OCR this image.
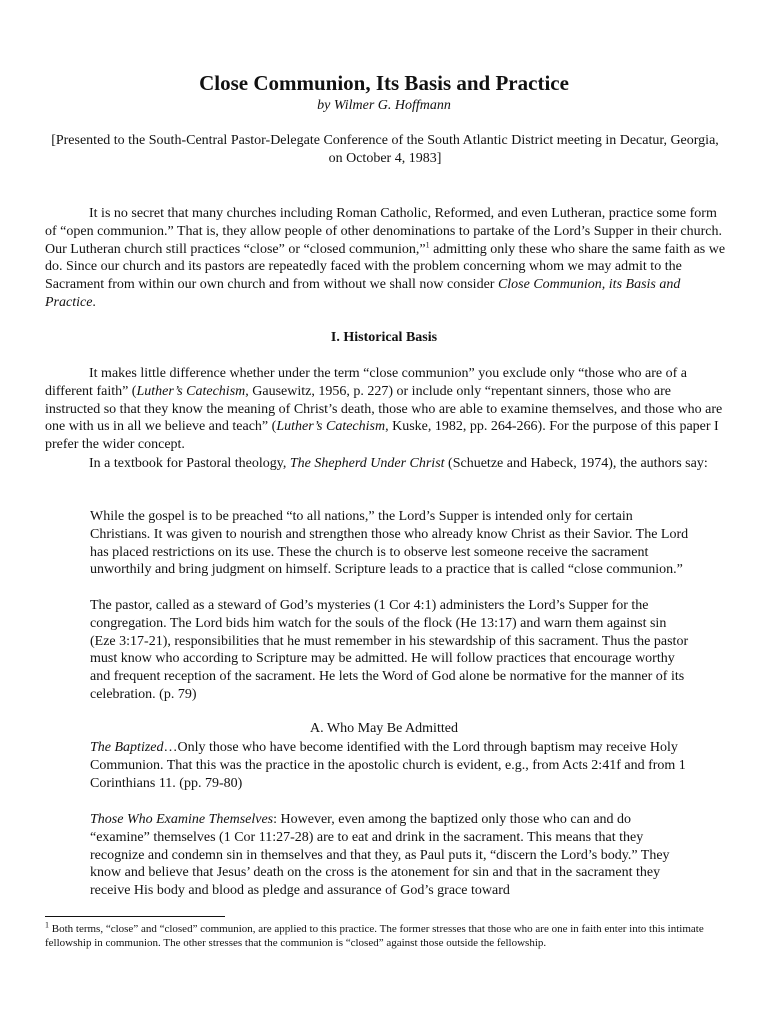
Close Communion, Its Basis and Practice
by Wilmer G. Hoffmann
[Presented to the South-Central Pastor-Delegate Conference of the South Atlantic District meeting in Decatur, Georgia, on October 4, 1983]
It is no secret that many churches including Roman Catholic, Reformed, and even Lutheran, practice some form of “open communion.” That is, they allow people of other denominations to partake of the Lord’s Supper in their church. Our Lutheran church still practices “close” or “closed communion,”$^1$ admitting only these who share the same faith as we do. Since our church and its pastors are repeatedly faced with the problem concerning whom we may admit to the Sacrament from within our own church and from without we shall now consider Close Communion, its Basis and Practice.
I. Historical Basis
It makes little difference whether under the term “close communion” you exclude only “those who are of a different faith” (Luther’s Catechism, Gausewitz, 1956, p. 227) or include only “repentant sinners, those who are instructed so that they know the meaning of Christ’s death, those who are able to examine themselves, and those who are one with us in all we believe and teach” (Luther’s Catechism, Kuske, 1982, pp. 264-266). For the purpose of this paper I prefer the wider concept.
In a textbook for Pastoral theology, The Shepherd Under Christ (Schuetze and Habeck, 1974), the authors say:
While the gospel is to be preached “to all nations,” the Lord’s Supper is intended only for certain Christians. It was given to nourish and strengthen those who already know Christ as their Savior. The Lord has placed restrictions on its use. These the church is to observe lest someone receive the sacrament unworthily and bring judgment on himself. Scripture leads to a practice that is called “close communion.”
The pastor, called as a steward of God’s mysteries (1 Cor 4:1) administers the Lord’s Supper for the congregation. The Lord bids him watch for the souls of the flock (He 13:17) and warn them against sin (Eze 3:17-21), responsibilities that he must remember in his stewardship of this sacrament. Thus the pastor must know who according to Scripture may be admitted. He will follow practices that encourage worthy and frequent reception of the sacrament. He lets the Word of God alone be normative for the manner of its celebration. (p. 79)
A. Who May Be Admitted
The Baptized…Only those who have become identified with the Lord through baptism may receive Holy Communion. That this was the practice in the apostolic church is evident, e.g., from Acts 2:41f and from 1 Corinthians 11. (pp. 79-80)
Those Who Examine Themselves: However, even among the baptized only those who can and do “examine” themselves (1 Cor 11:27-28) are to eat and drink in the sacrament. This means that they recognize and condemn sin in themselves and that they, as Paul puts it, “discern the Lord’s body.” They know and believe that Jesus’ death on the cross is the atonement for sin and that in the sacrament they receive His body and blood as pledge and assurance of God’s grace toward
$^1$ Both terms, “close” and “closed” communion, are applied to this practice. The former stresses that those who are one in faith enter into this intimate fellowship in communion. The other stresses that the communion is “closed” against those outside the fellowship.
